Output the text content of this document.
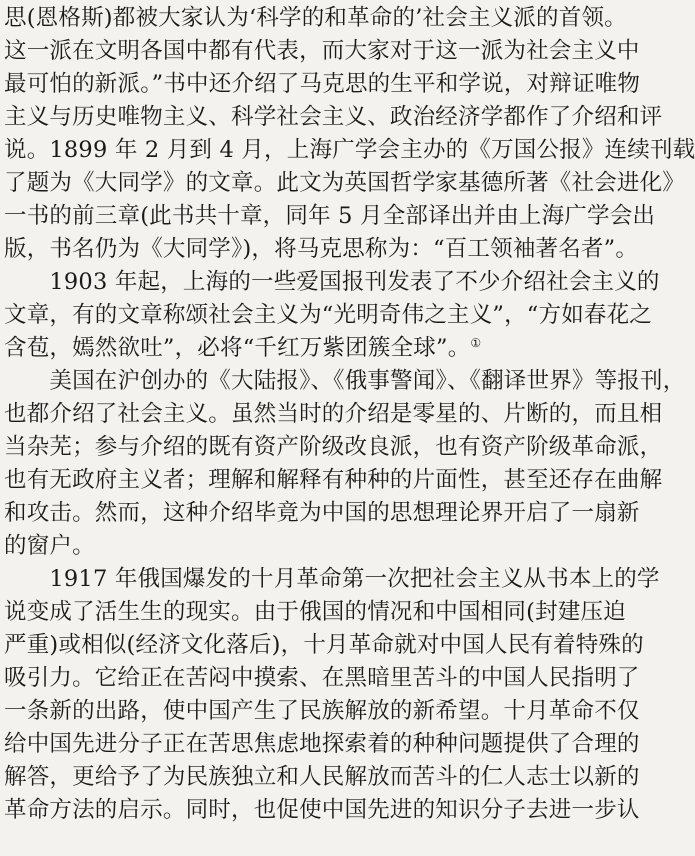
思(恩格斯)都被大家认为‘科学的和革命的’社会主义派的首领。
这一派在文明各国中都有代表，而大家对于这一派为社会主义中
最可怕的新派。”书中还介绍了马克思的生平和学说，对辩证唯物
主义与历史唯物主义、科学社会主义、政治经济学都作了介绍和评
说。1899 年 2 月到 4 月，上海广学会主办的《万国公报》连续刊载
了题为《大同学》的文章。此文为英国哲学家基德所著《社会进化》
一书的前三章(此书共十章，同年 5 月全部译出并由上海广学会出
版，书名仍为《大同学》)，将马克思称为：“百工领袖著名者”。
　　1903 年起，上海的一些爱国报刊发表了不少介绍社会主义的
文章，有的文章称颂社会主义为“光明奇伟之主义”，“方如春花之
含苞，嫣然欲吐”，必将“千红万紫团簇全球”。①
　　美国在沪创办的《大陆报》、《俄事警闻》、《翻译世界》等报刊，
也都介绍了社会主义。虽然当时的介绍是零星的、片断的，而且相
当杂芜；参与介绍的既有资产阶级改良派，也有资产阶级革命派，
也有无政府主义者；理解和解释有种种的片面性，甚至还存在曲解
和攻击。然而，这种介绍毕竟为中国的思想理论界开启了一扇新
的窗户。
　　1917 年俄国爆发的十月革命第一次把社会主义从书本上的学
说变成了活生生的现实。由于俄国的情况和中国相同(封建压迫
严重)或相似(经济文化落后)，十月革命就对中国人民有着特殊的
吸引力。它给正在苦闷中摸索、在黑暗里苦斗的中国人民指明了
一条新的出路，使中国产生了民族解放的新希望。十月革命不仅
给中国先进分子正在苦思焦虑地探索着的种种问题提供了合理的
解答，更给予了为民族独立和人民解放而苦斗的仁人志士以新的
革命方法的启示。同时，也促使中国先进的知识分子去进一步认
